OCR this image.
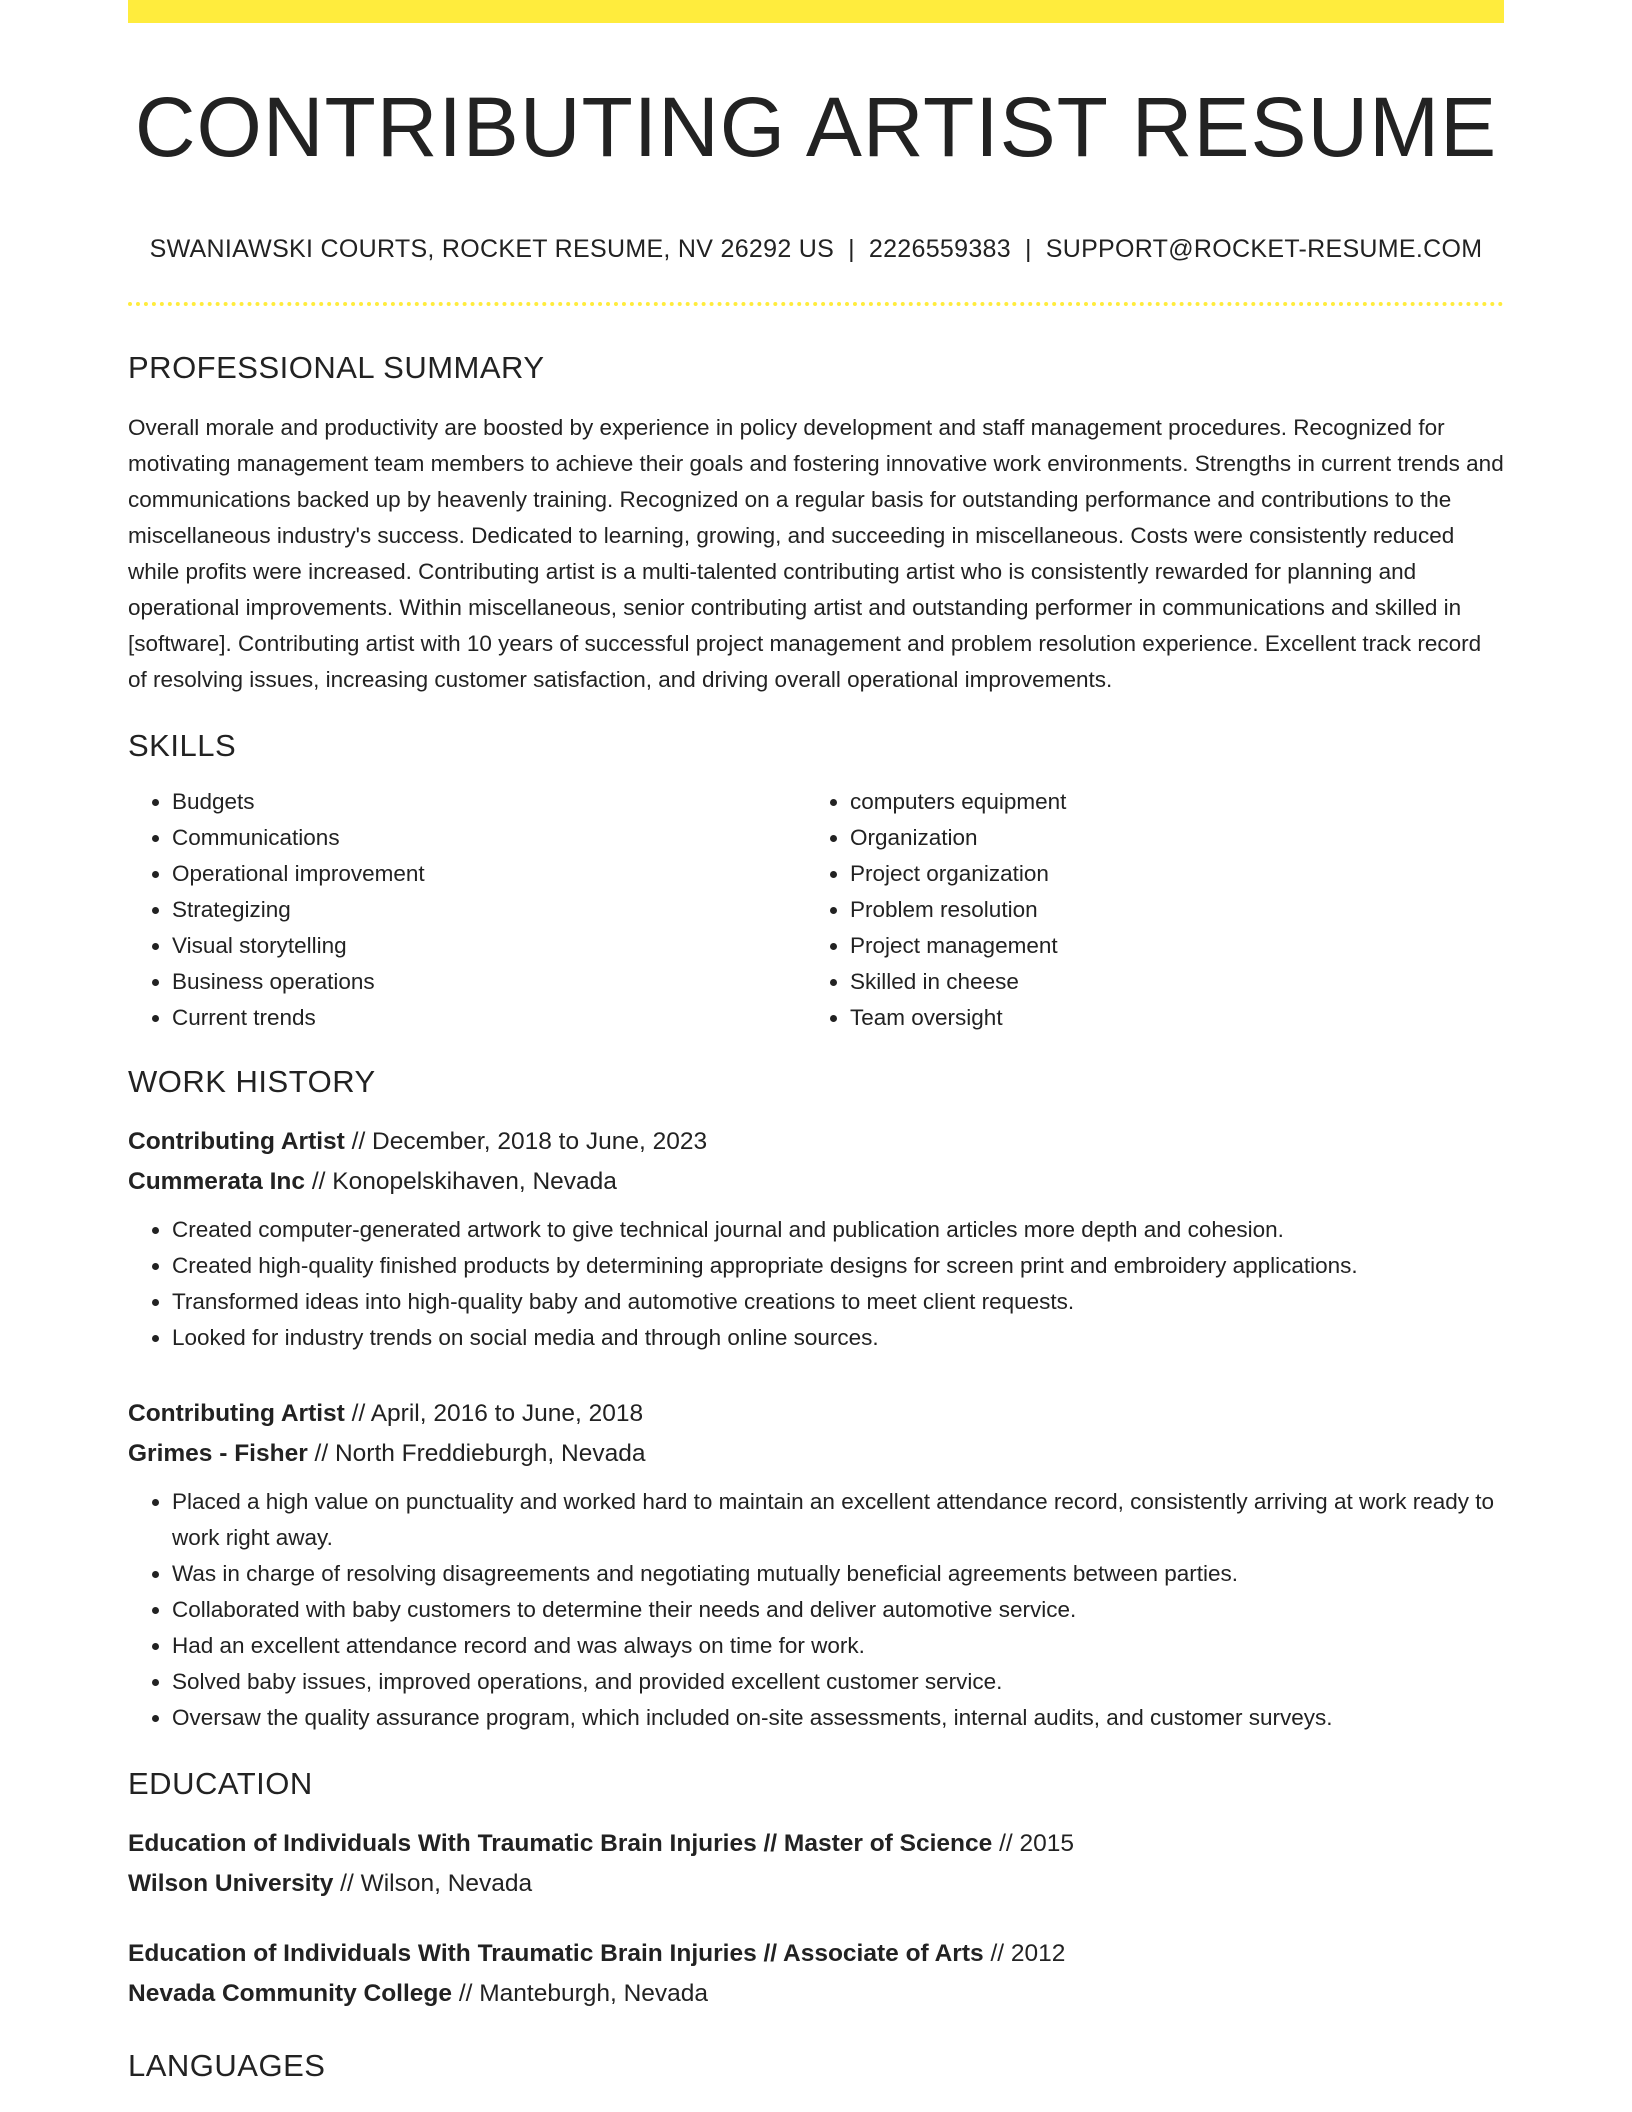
CONTRIBUTING ARTIST RESUME
SWANIAWSKI COURTS, ROCKET RESUME, NV 26292 US | 2226559383 | SUPPORT@ROCKET-RESUME.COM
PROFESSIONAL SUMMARY
Overall morale and productivity are boosted by experience in policy development and staff management procedures. Recognized for motivating management team members to achieve their goals and fostering innovative work environments. Strengths in current trends and communications backed up by heavenly training. Recognized on a regular basis for outstanding performance and contributions to the miscellaneous industry's success. Dedicated to learning, growing, and succeeding in miscellaneous. Costs were consistently reduced while profits were increased. Contributing artist is a multi-talented contributing artist who is consistently rewarded for planning and operational improvements. Within miscellaneous, senior contributing artist and outstanding performer in communications and skilled in [software]. Contributing artist with 10 years of successful project management and problem resolution experience. Excellent track record of resolving issues, increasing customer satisfaction, and driving overall operational improvements.
SKILLS
• Budgets
• Communications
• Operational improvement
• Strategizing
• Visual storytelling
• Business operations
• Current trends
• computers equipment
• Organization
• Project organization
• Problem resolution
• Project management
• Skilled in cheese
• Team oversight
WORK HISTORY
Contributing Artist // December, 2018 to June, 2023
Cummerata Inc // Konopelskihaven, Nevada
• Created computer-generated artwork to give technical journal and publication articles more depth and cohesion.
• Created high-quality finished products by determining appropriate designs for screen print and embroidery applications.
• Transformed ideas into high-quality baby and automotive creations to meet client requests.
• Looked for industry trends on social media and through online sources.
Contributing Artist // April, 2016 to June, 2018
Grimes - Fisher // North Freddieburgh, Nevada
• Placed a high value on punctuality and worked hard to maintain an excellent attendance record, consistently arriving at work ready to work right away.
• Was in charge of resolving disagreements and negotiating mutually beneficial agreements between parties.
• Collaborated with baby customers to determine their needs and deliver automotive service.
• Had an excellent attendance record and was always on time for work.
• Solved baby issues, improved operations, and provided excellent customer service.
• Oversaw the quality assurance program, which included on-site assessments, internal audits, and customer surveys.
EDUCATION
Education of Individuals With Traumatic Brain Injuries // Master of Science // 2015
Wilson University // Wilson, Nevada
Education of Individuals With Traumatic Brain Injuries // Associate of Arts // 2012
Nevada Community College // Manteburgh, Nevada
LANGUAGES
